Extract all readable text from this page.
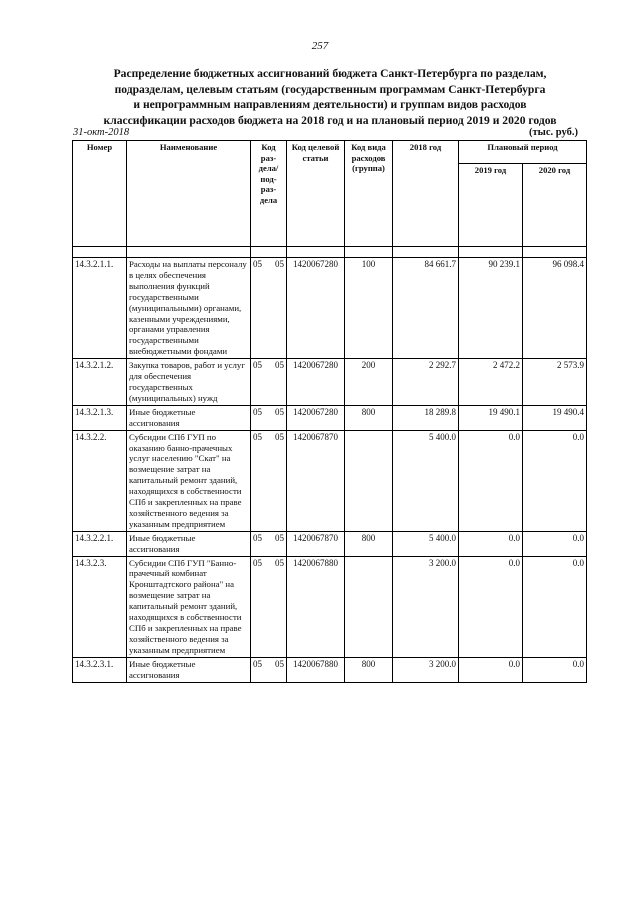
257
Распределение бюджетных ассигнований бюджета Санкт-Петербурга по разделам,
подразделам, целевым статьям (государственным программам Санкт-Петербурга
и непрограммным направлениям деятельности) и группам видов расходов
классификации расходов бюджета на 2018 год и на плановый период 2019 и 2020 годов
31-окт-2018	(тыс. руб.)
Номер	Наименование	Код раз-дела/ под-раз-дела	Код целевой статьи	Код вида расходов (группа)	2018 год	Плановый период	
						2019 год	2020 год

14.3.2.1.1.	Расходы на выплаты персоналу в целях обеспечения выполнения функций государственными (муниципальными) органами, казенными учреждениями, органами управления государственными внебюджетными фондами	05 05	1420067280	100	84 661.7	90 239.1	96 098.4
14.3.2.1.2.	Закупка товаров, работ и услуг для обеспечения государственных (муниципальных) нужд	05 05	1420067280	200	2 292.7	2 472.2	2 573.9
14.3.2.1.3.	Иные бюджетные ассигнования	05 05	1420067280	800	18 289.8	19 490.1	19 490.4
14.3.2.2.	Субсидии СПб ГУП по оказанию банно-прачечных услуг населению "Скат" на возмещение затрат на капитальный ремонт зданий, находящихся в собственности СПб и закрепленных на праве хозяйственного ведения за указанным предприятием	05 05	1420067870		5 400.0	0.0	0.0
14.3.2.2.1.	Иные бюджетные ассигнования	05 05	1420067870	800	5 400.0	0.0	0.0
14.3.2.3.	Субсидии СПб ГУП "Банно-прачечный комбинат Кронштадтского района" на возмещение затрат на капитальный ремонт зданий, находящихся в собственности СПб и закрепленных на праве хозяйственного ведения за указанным предприятием	05 05	1420067880		3 200.0	0.0	0.0
14.3.2.3.1.	Иные бюджетные ассигнования	05 05	1420067880	800	3 200.0	0.0	0.0
